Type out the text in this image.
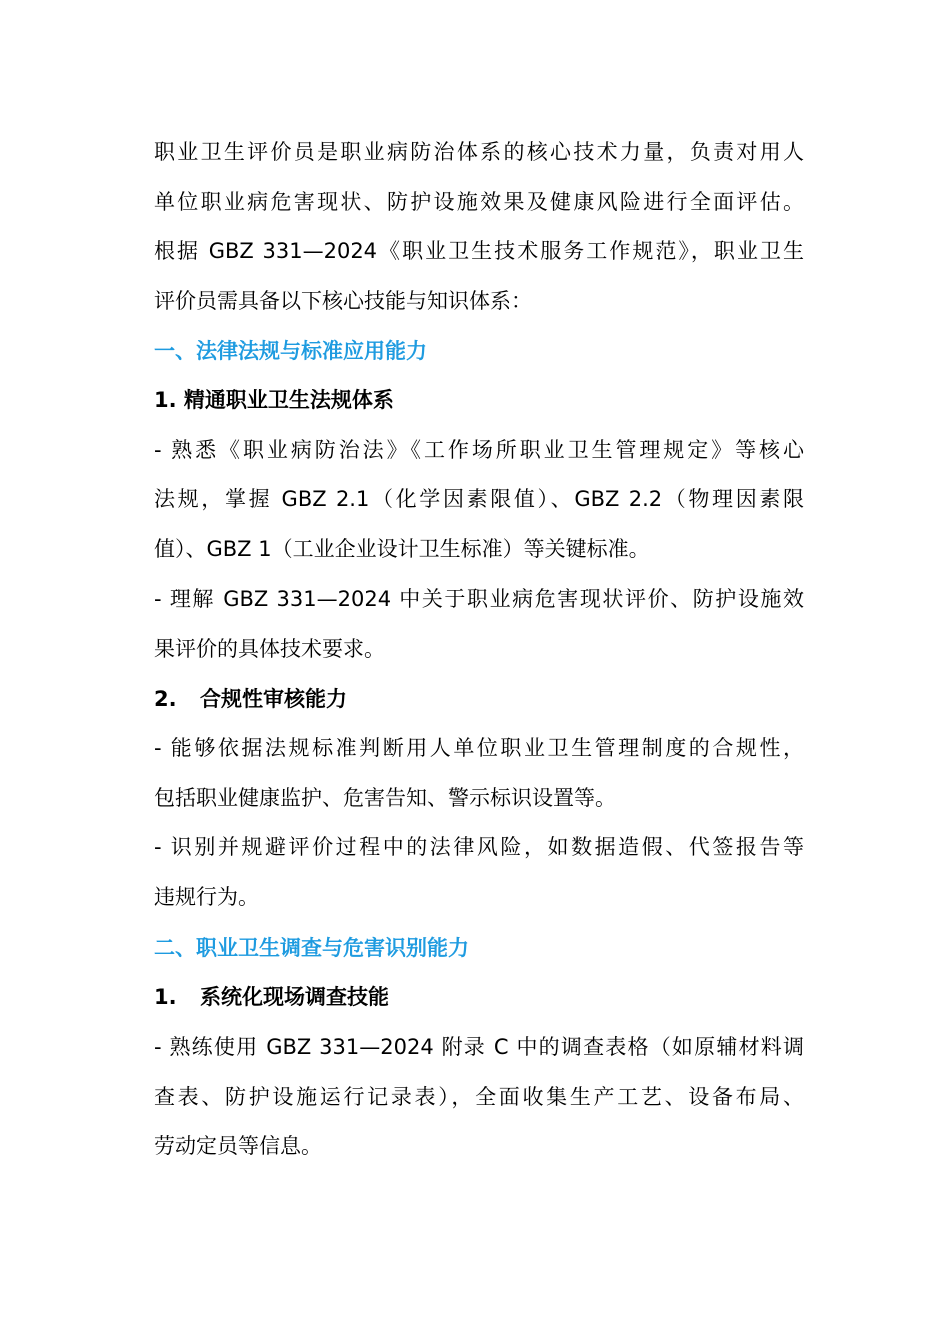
职业卫生评价员是职业病防治体系的核心技术力量，负责对用人
单位职业病危害现状、防护设施效果及健康风险进行全面评估。
根据 GBZ 331—2024《职业卫生技术服务工作规范》，职业卫生
评价员需具备以下核心技能与知识体系：
一、法律法规与标准应用能力
1. 精通职业卫生法规体系
- 熟悉《职业病防治法》《工作场所职业卫生管理规定》等核心
法规，掌握 GBZ 2.1（化学因素限值）、GBZ 2.2（物理因素限
值）、GBZ 1（工业企业设计卫生标准）等关键标准。
- 理解 GBZ 331—2024 中关于职业病危害现状评价、防护设施效
果评价的具体技术要求。
2. 合规性审核能力
- 能够依据法规标准判断用人单位职业卫生管理制度的合规性，
包括职业健康监护、危害告知、警示标识设置等。
- 识别并规避评价过程中的法律风险，如数据造假、代签报告等
违规行为。
二、职业卫生调查与危害识别能力
1. 系统化现场调查技能
- 熟练使用 GBZ 331—2024 附录 C 中的调查表格（如原辅材料调
查表、防护设施运行记录表），全面收集生产工艺、设备布局、
劳动定员等信息。
